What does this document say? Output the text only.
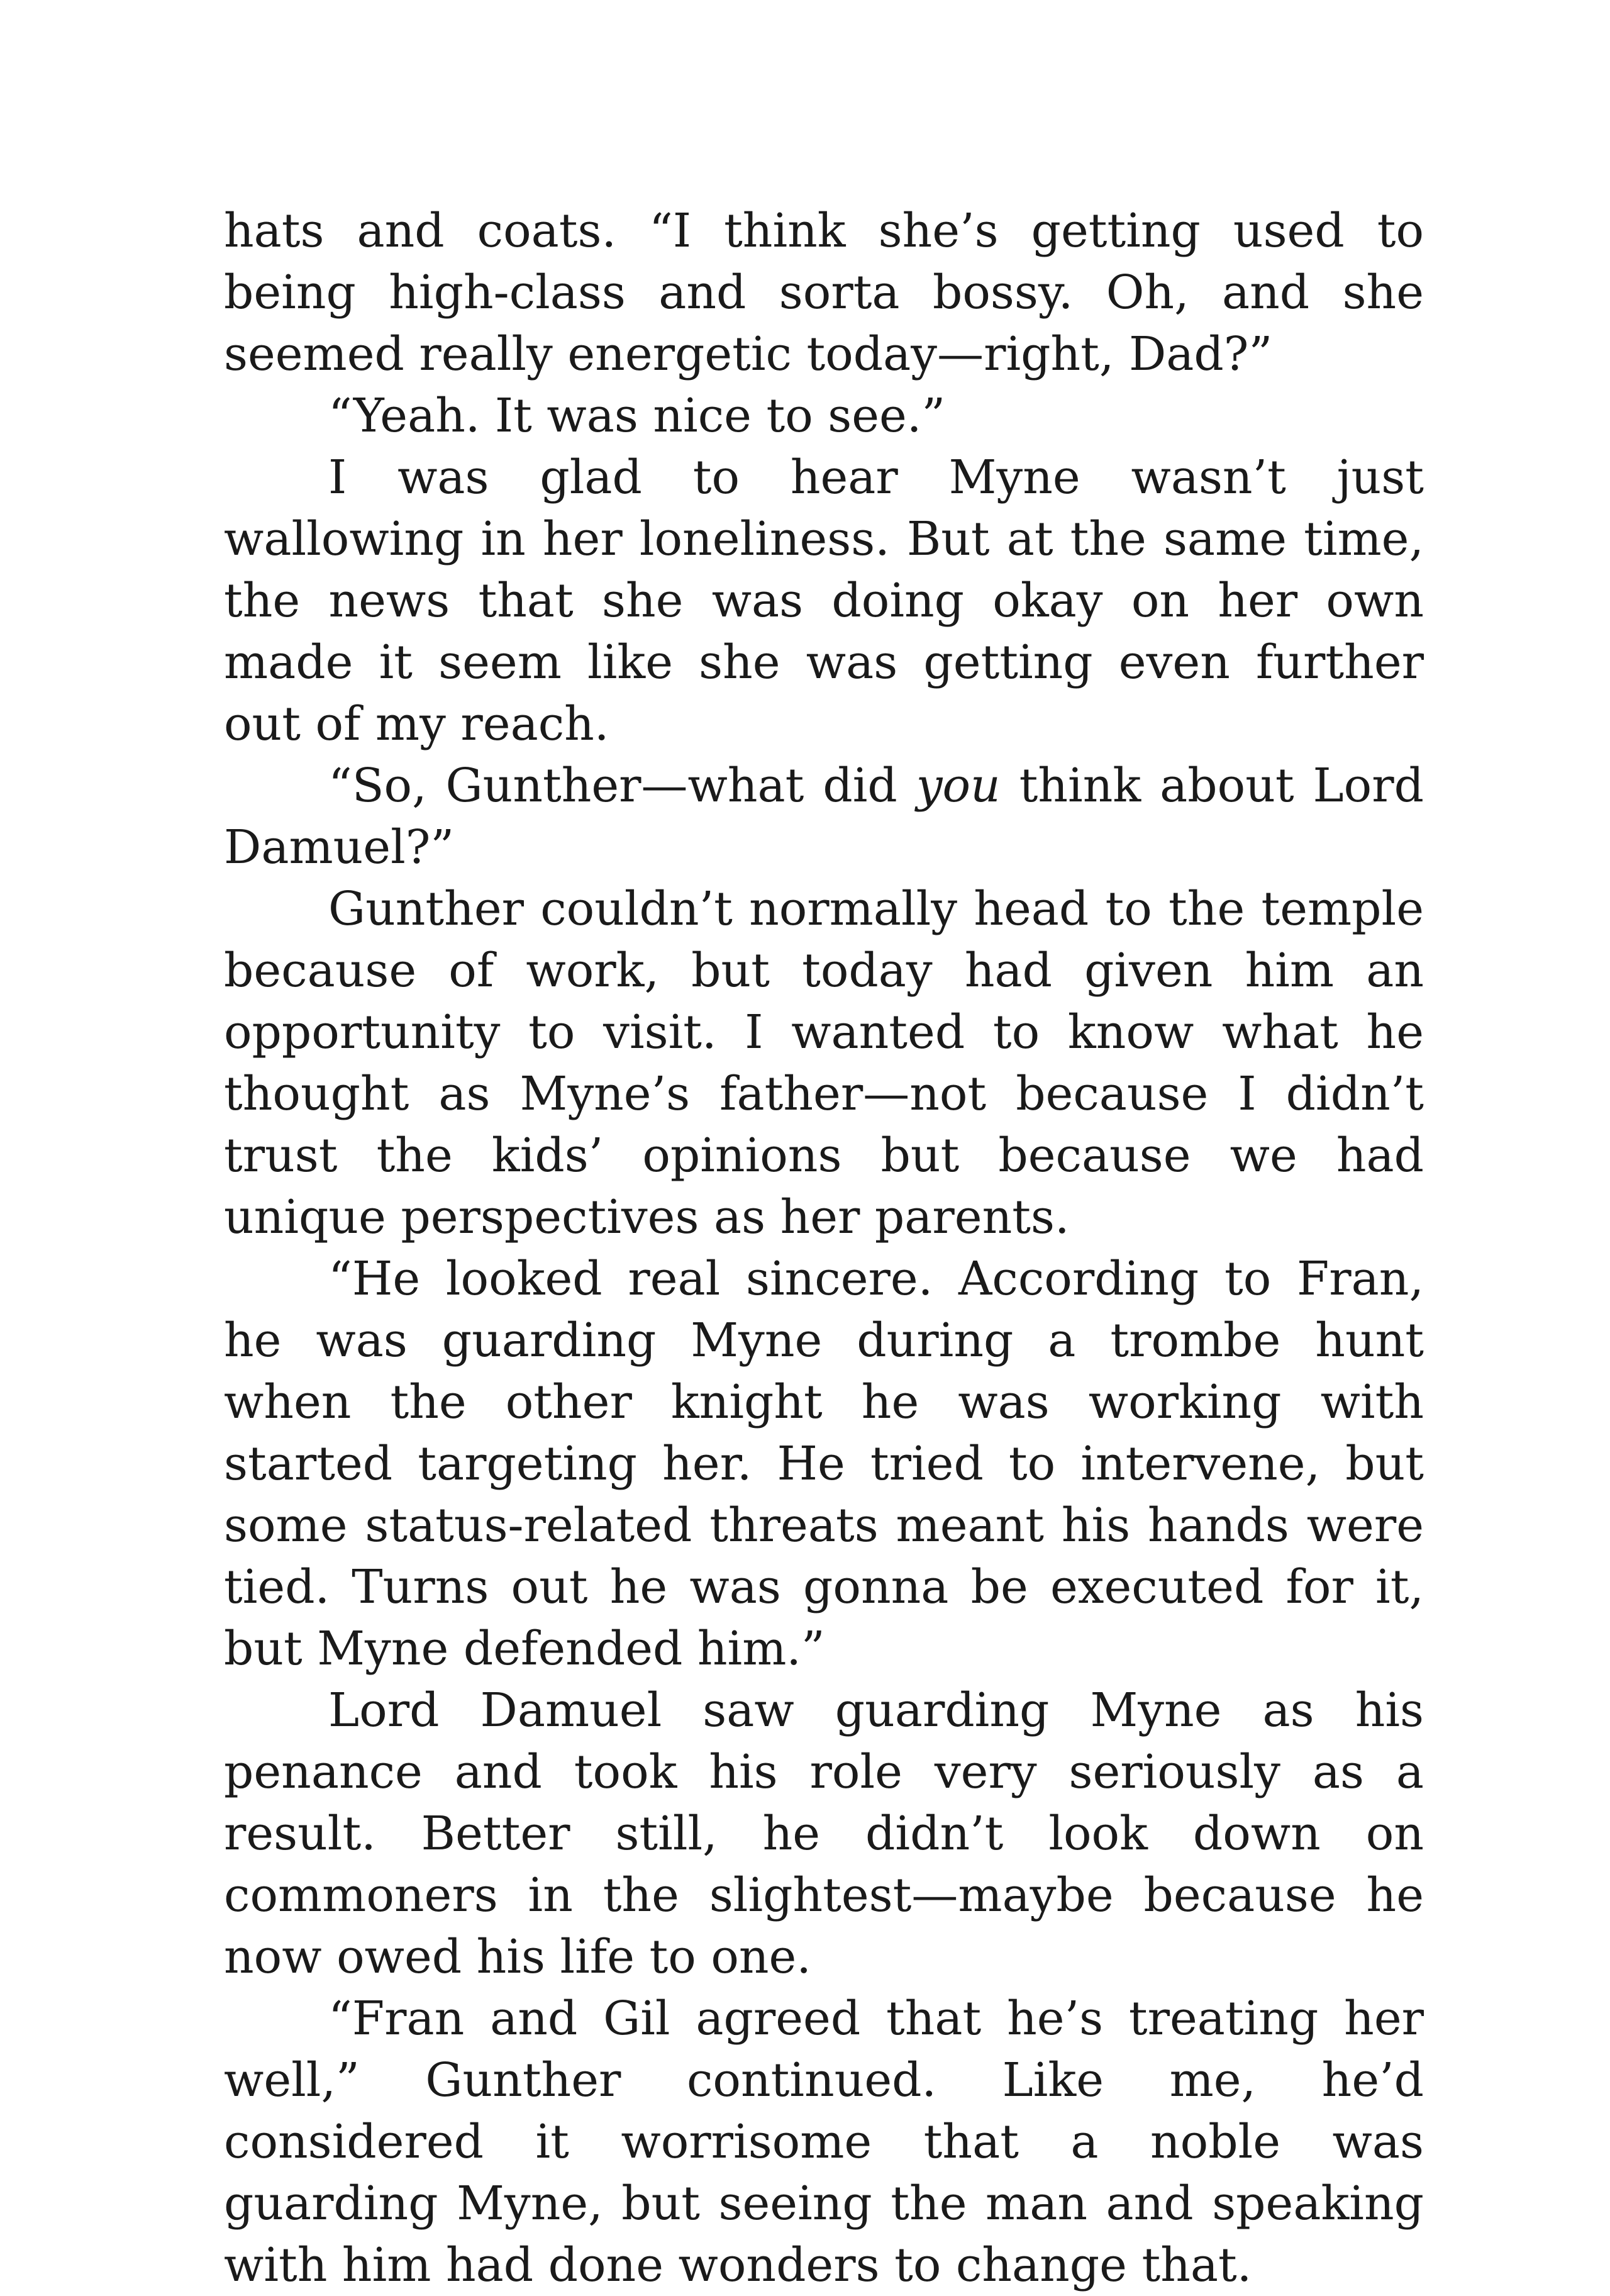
hats and coats. “I think she’s getting used to being high-class and sorta bossy. Oh, and she seemed really energetic today—right, Dad?”

“Yeah. It was nice to see.”

I was glad to hear Myne wasn’t just wallowing in her loneliness. But at the same time, the news that she was doing okay on her own made it seem like she was getting even further out of my reach.

“So, Gunther—what did you think about Lord Damuel?”

Gunther couldn’t normally head to the temple because of work, but today had given him an opportunity to visit. I wanted to know what he thought as Myne’s father—not because I didn’t trust the kids’ opinions but because we had unique perspectives as her parents.

“He looked real sincere. According to Fran, he was guarding Myne during a trombe hunt when the other knight he was working with started targeting her. He tried to intervene, but some status-related threats meant his hands were tied. Turns out he was gonna be executed for it, but Myne defended him.”

Lord Damuel saw guarding Myne as his penance and took his role very seriously as a result. Better still, he didn’t look down on commoners in the slightest—maybe because he now owed his life to one.

“Fran and Gil agreed that he’s treating her well,” Gunther continued. Like me, he’d considered it worrisome that a noble was guarding Myne, but seeing the man and speaking with him had done wonders to change that.
